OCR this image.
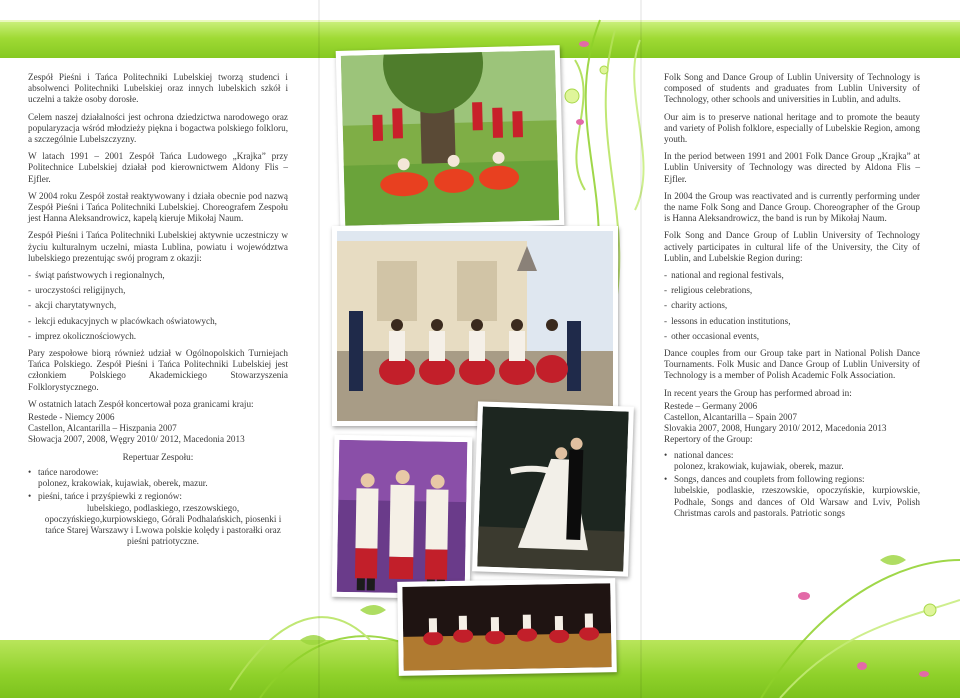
Zespół Pieśni i Tańca Politechniki Lubelskiej tworzą studenci i absolwenci Politechniki Lubelskiej oraz innych lubelskich szkół i uczelni a także osoby dorosłe.

Celem naszej działalności jest ochrona dziedzictwa narodowego oraz popularyzacja wśród młodzieży piękna i bogactwa polskiego folkloru, a szczególnie Lubelszczyzny.

W latach 1991 – 2001 Zespół Tańca Ludowego „Krajka” przy Politechnice Lubelskiej działał pod kierownictwem Aldony Flis – Ejfler.

W 2004 roku Zespół został reaktywowany i działa obecnie pod nazwą Zespół Pieśni i Tańca Politechniki Lubelskiej. Choreografem Zespołu jest Hanna Aleksandrowicz, kapelą kieruje Mikołaj Naum.

Zespół Pieśni i Tańca Politechniki Lubelskiej aktywnie uczestniczy w życiu kulturalnym uczelni, miasta Lublina, powiatu i województwa lubelskiego prezentując swój program z okazji:

- świąt państwowych i regionalnych,
- uroczystości religijnych,
- akcji charytatywnych,
- lekcji edukacyjnych w placówkach oświatowych,
- imprez okolicznościowych.

Pary zespołowe biorą również udział w Ogólnopolskich Turniejach Tańca Polskiego. Zespół Pieśni i Tańca Politechniki Lubelskiej jest członkiem Polskiego Akademickiego Stowarzyszenia Folklorystycznego.

W ostatnich latach Zespół koncertował poza granicami kraju:

Restede - Niemcy 2006
Castellon, Alcantarilla – Hiszpania 2007
Słowacja 2007, 2008, Węgry 2010/ 2012, Macedonia 2013
Repertuar Zespołu:
• tańce narodowe:
polonez, krakowiak, kujawiak, oberek, mazur.
• pieśni, tańce i przyśpiewki z regionów:
lubelskiego, podlaskiego, rzeszowskiego, opoczyńskiego,kurpiowskiego, Górali Podhalańskich, piosenki i tańce Starej Warszawy i Lwowa polskie kolędy i pastorałki oraz pieśni patriotyczne.

Folk Song and Dance Group of Lublin University of Technology is composed of students and graduates from Lublin University of Technology, other schools and universities in Lublin, and adults.

Our aim is to preserve national heritage and to promote the beauty and variety of Polish folklore, especially of Lubelskie Region, among youth.

In the period between 1991 and 2001 Folk Dance Group „Krajka” at Lublin University of Technology was directed by Aldona Flis – Ejfler.

In 2004 the Group was reactivated and is currently performing under the name Folk Song and Dance Group. Choreographer of the Group is Hanna Aleksandrowicz, the band is run by Mikołaj Naum.

Folk Song and Dance Group of Lublin University of Technology actively participates in cultural life of the University, the City of Lublin, and Lubelskie Region during:

- national and regional festivals,
- religious celebrations,
- charity actions,
- lessons in education institutions,
- other occasional events,

Dance couples from our Group take part in National Polish Dance Tournaments. Folk Music and Dance Group of Lublin University of Technology is a member of Polish Academic Folk Association.

In recent years the Group has performed abroad in:

Restede – Germany 2006
Castellon, Alcantarilla – Spain 2007
Slovakia 2007, 2008, Hungary 2010/ 2012, Macedonia 2013
Repertory of the Group:
• national dances:
polonez, krakowiak, kujawiak, oberek, mazur.
• Songs, dances and couplets from following regions:
lubelskie, podlaskie, rzeszowskie, opoczyńskie, kurpiowskie, Podhale, Songs and dances of Old Warsaw and Lviv, Polish Christmas carols and pastorals. Patriotic songs
